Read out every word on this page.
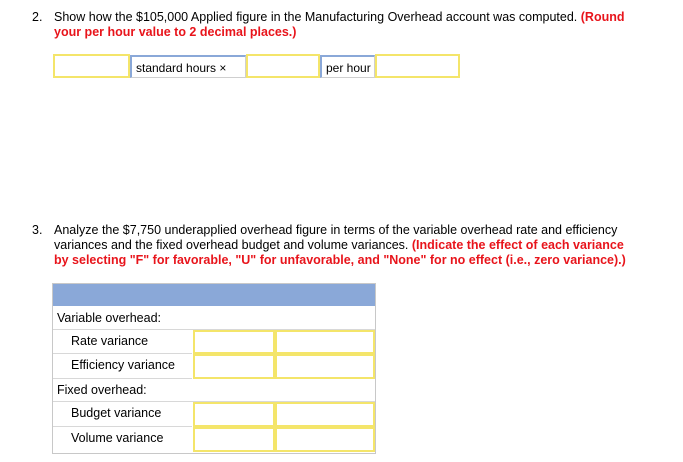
2. Show how the $105,000 Applied figure in the Manufacturing Overhead account was computed. (Round
your per hour value to 2 decimal places.)
standard hours ×	per hour
3. Analyze the $7,750 underapplied overhead figure in terms of the variable overhead rate and efficiency
variances and the fixed overhead budget and volume variances. (Indicate the effect of each variance
by selecting "F" for favorable, "U" for unfavorable, and "None" for no effect (i.e., zero variance).)
Variable overhead:
Rate variance
Efficiency variance
Fixed overhead:
Budget variance
Volume variance
